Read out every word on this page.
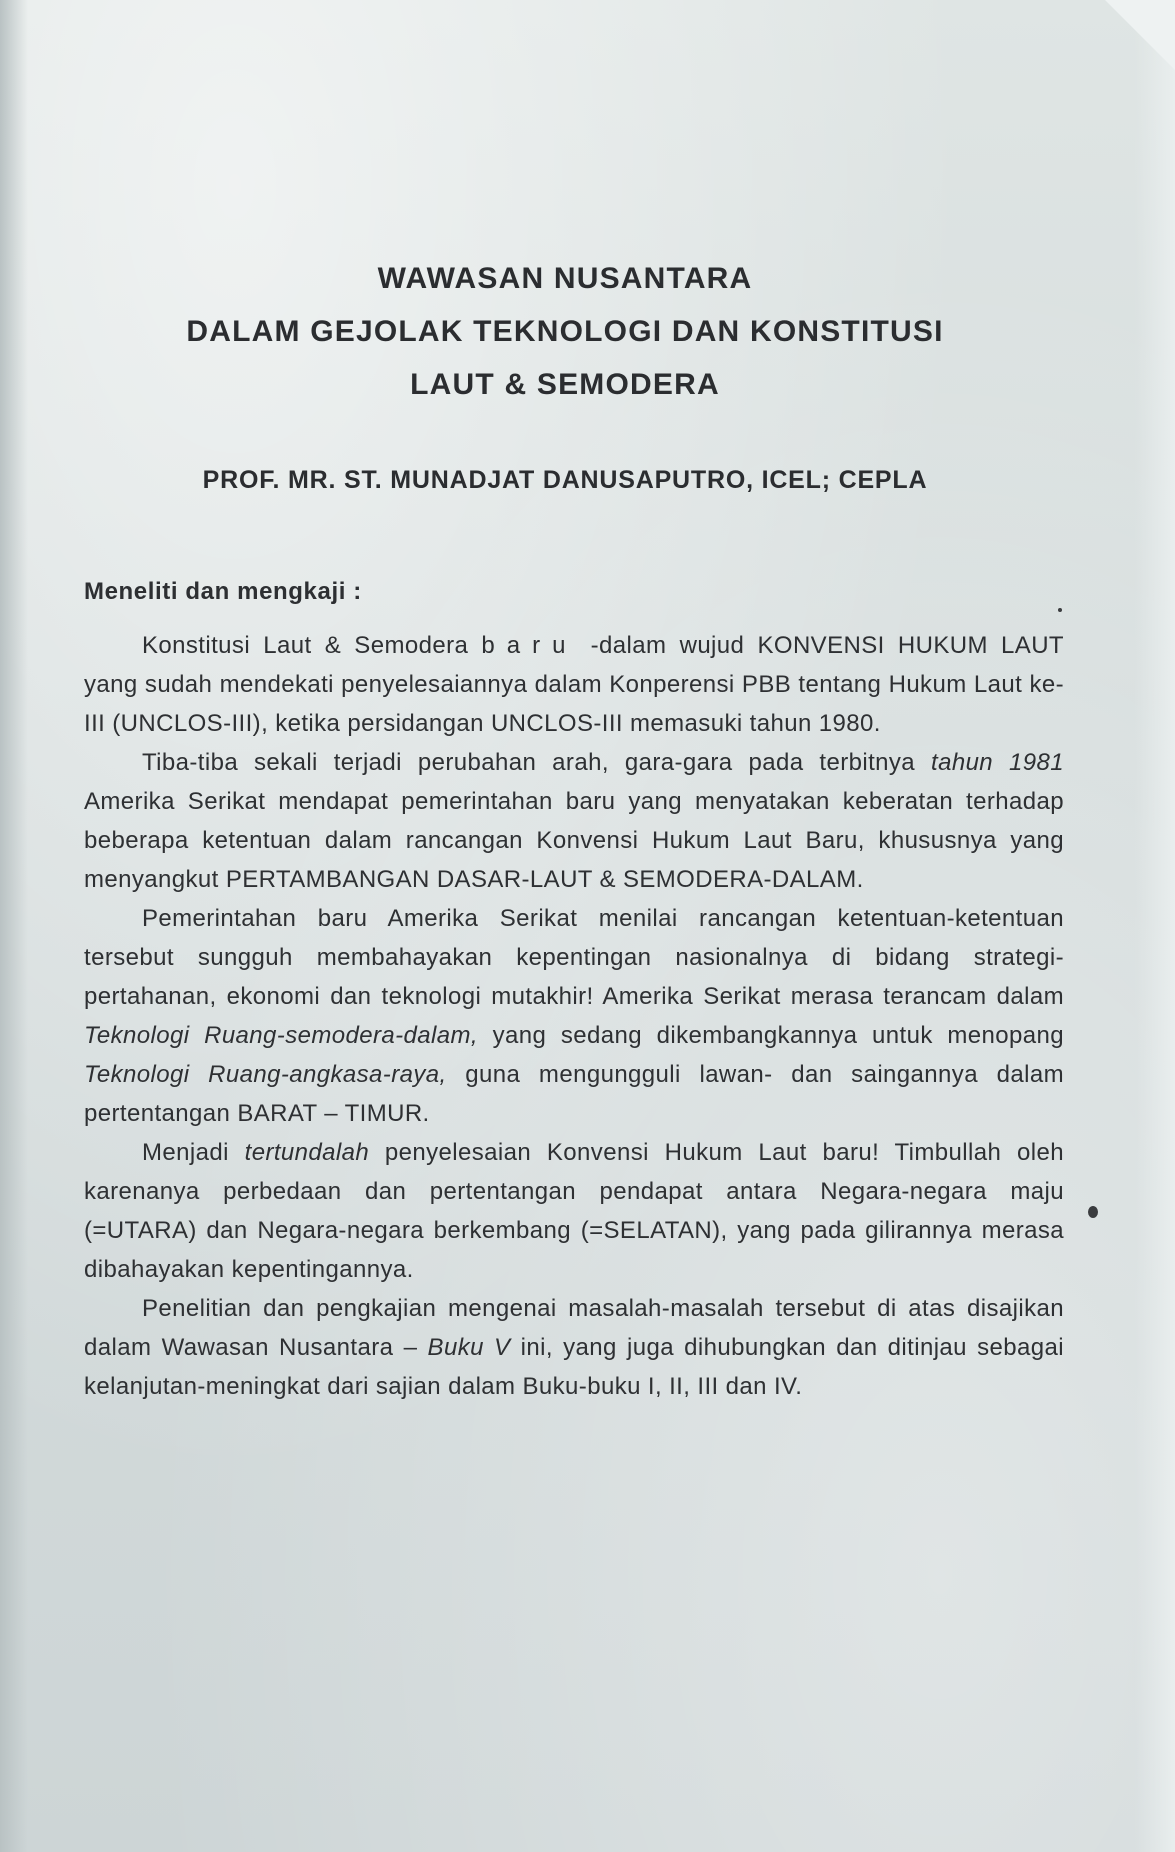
WAWASAN NUSANTARA
DALAM GEJOLAK TEKNOLOGI DAN KONSTITUSI
LAUT & SEMODERA
PROF. MR. ST. MUNADJAT DANUSAPUTRO, ICEL; CEPLA
Meneliti dan mengkaji :

Konstitusi Laut & Semodera baru -dalam wujud KONVENSI HUKUM LAUT yang sudah mendekati penyelesaiannya dalam Konperensi PBB tentang Hukum Laut ke-III (UNCLOS-III), ketika persidangan UNCLOS-III memasuki tahun 1980.

Tiba-tiba sekali terjadi perubahan arah, gara-gara pada terbitnya tahun 1981 Amerika Serikat mendapat pemerintahan baru yang menyatakan keberatan terhadap beberapa ketentuan dalam rancangan Konvensi Hukum Laut Baru, khususnya yang menyangkut PERTAMBANGAN DASAR-LAUT & SEMODERA-DALAM.

Pemerintahan baru Amerika Serikat menilai rancangan ketentuan-ketentuan tersebut sungguh membahayakan kepentingan nasionalnya di bidang strategi-pertahanan, ekonomi dan teknologi mutakhir! Amerika Serikat merasa terancam dalam Teknologi Ruang-semodera-dalam, yang sedang dikembangkannya untuk menopang Teknologi Ruang-angkasa-raya, guna mengungguli lawan- dan saingannya dalam pertentangan BARAT – TIMUR.

Menjadi tertundalah penyelesaian Konvensi Hukum Laut baru! Timbullah oleh karenanya perbedaan dan pertentangan pendapat antara Negara-negara maju (=UTARA) dan Negara-negara berkembang (=SELATAN), yang pada gilirannya merasa dibahayakan kepentingannya.

Penelitian dan pengkajian mengenai masalah-masalah tersebut di atas disajikan dalam Wawasan Nusantara – Buku V ini, yang juga dihubungkan dan ditinjau sebagai kelanjutan-meningkat dari sajian dalam Buku-buku I, II, III dan IV.
